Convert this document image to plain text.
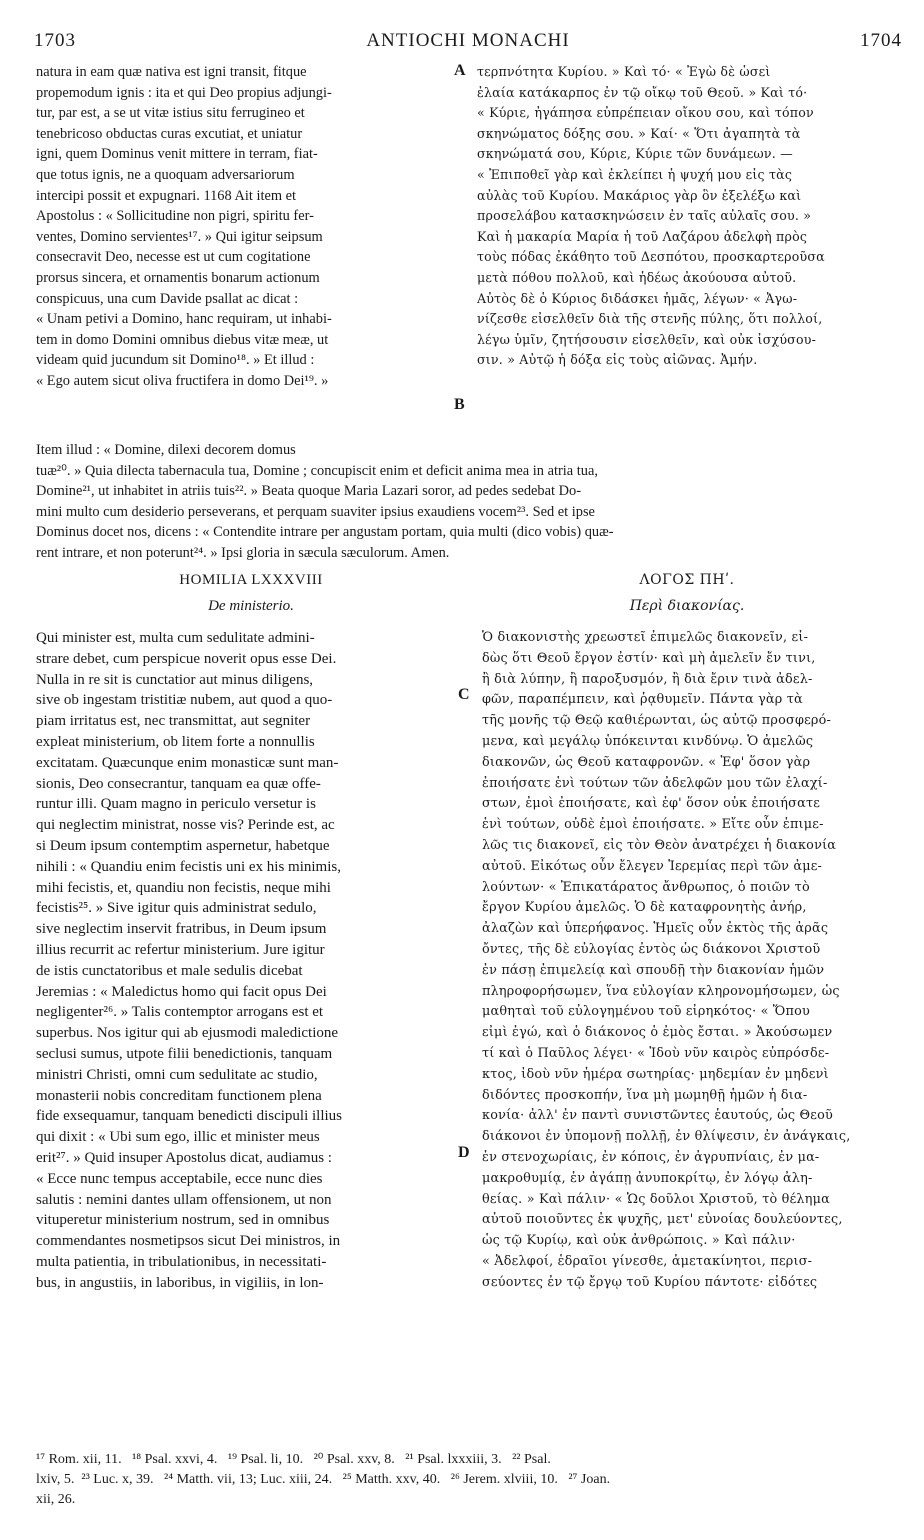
1703	ANTIOCHI MONACHI	1704
natura in eam quæ nativa est igni transit, fitque
propemodum ignis : ita et qui Deo propius adjungi-
tur, par est, a se ut vitæ istius situ ferrugineo et
tenebricoso obductas curas excutiat, et uniatur
igni, quem Dominus venit mittere in terram, fiat-
que totus ignis, ne a quoquam adversariorum
intercipi possit et expugnari. 1168 Ait item et
Apostolus : « Sollicitudine non pigri, spiritu fer-
ventes, Domino servientes¹⁷. » Qui igitur seipsum
consecravit Deo, necesse est ut cum cogitatione
prorsus sincera, et ornamentis bonarum actionum
conspicuus, una cum Davide psallat ac dicat :
« Unam petivi a Domino, hanc requiram, ut inhabi-
tem in domo Domini omnibus diebus vitæ meæ, ut
videam quid jucundum sit Domino¹⁸. » Et illud :
« Ego autem sicut oliva fructifera in domo Dei¹⁹. »
τερπνότητα Κυρίου. » Καὶ τό· « Ἐγὼ δὲ ὡσεὶ
ἐλαία κατάκαρπος ἐν τῷ οἴκῳ τοῦ Θεοῦ. » Καὶ τό·
« Κύριε, ἠγάπησα εὐπρέπειαν οἴκου σου, καὶ τόπον
σκηνώματος δόξης σου. » Καί· « Ὅτι ἀγαπητὰ τὰ
σκηνώματά σου, Κύριε, Κύριε τῶν δυνάμεων. —
« Ἐπιποθεῖ γὰρ καὶ ἐκλείπει ἡ ψυχή μου εἰς τὰς
αὐλὰς τοῦ Κυρίου. Μακάριος γὰρ ὃν ἐξελέξω καὶ
προσελάβου κατασκηνώσειν ἐν ταῖς αὐλαῖς σου. »
Καὶ ἡ μακαρία Μαρία ἡ τοῦ Λαζάρου ἀδελφὴ πρὸς
τοὺς πόδας ἐκάθητο τοῦ Δεσπότου, προσκαρτεροῦσα
μετὰ πόθου πολλοῦ, καὶ ἡδέως ἀκούουσα αὐτοῦ.
Αὐτὸς δὲ ὁ Κύριος διδάσκει ἡμᾶς, λέγων· « Ἀγω-
νίζεσθε εἰσελθεῖν διὰ τῆς στενῆς πύλης, ὅτι πολλοί,
λέγω ὑμῖν, ζητήσουσιν εἰσελθεῖν, καὶ οὐκ ἰσχύσου-
σιν. » Αὐτῷ ἡ δόξα εἰς τοὺς αἰῶνας. Ἀμήν.
A
B
Item illud : « Domine, dilexi decorem domus
tuæ²⁰. » Quia dilecta tabernacula tua, Domine ; concupiscit enim et deficit anima mea in atria tua,
Domine²¹, ut inhabitet in atriis tuis²². » Beata quoque Maria Lazari soror, ad pedes sedebat Do-
mini multo cum desiderio perseverans, et perquam suaviter ipsius exaudiens vocem²³. Sed et ipse
Dominus docet nos, dicens : « Contendite intrare per angustam portam, quia multi (dico vobis) quæ-
rent intrare, et non poterunt²⁴. » Ipsi gloria in sæcula sæculorum. Amen.
HOMILIA LXXXVIII
De ministerio.
ΛΟΓΟΣ ΠΗʹ.
Περὶ διακονίας.
Qui minister est, multa cum sedulitate admini-
strare debet, cum perspicue noverit opus esse Dei.
Nulla in re sit is cunctatior aut minus diligens,
sive ob ingestam tristitiæ nubem, aut quod a quo-
piam irritatus est, nec transmittat, aut segniter
expleat ministerium, ob litem forte a nonnullis
excitatam. Quæcunque enim monasticæ sunt man-
sionis, Deo consecrantur, tanquam ea quæ offe-
runtur illi. Quam magno in periculo versetur is
qui neglectim ministrat, nosse vis? Perinde est, ac
si Deum ipsum contemptim aspernetur, habetque
nihili : « Quandiu enim fecistis uni ex his minimis,
mihi fecistis, et, quandiu non fecistis, neque mihi
fecistis²⁵. » Sive igitur quis administrat sedulo,
sive neglectim inservit fratribus, in Deum ipsum
illius recurrit ac refertur ministerium. Jure igitur
de istis cunctatoribus et male sedulis dicebat
Jeremias : « Maledictus homo qui facit opus Dei
negligenter²⁶. » Talis contemptor arrogans est et
superbus. Nos igitur qui ab ejusmodi maledictione
seclusi sumus, utpote filii benedictionis, tanquam
ministri Christi, omni cum sedulitate ac studio,
monasterii nobis concreditam functionem plena
fide exsequamur, tanquam benedicti discipuli illius
qui dixit : « Ubi sum ego, illic et minister meus
erit²⁷. » Quid insuper Apostolus dicat, audiamus :
« Ecce nunc tempus acceptabile, ecce nunc dies
salutis : nemini dantes ullam offensionem, ut non
vituperetur ministerium nostrum, sed in omnibus
commendantes nosmetipsos sicut Dei ministros, in
multa patientia, in tribulationibus, in necessitati-
bus, in angustiis, in laboribus, in vigiliis, in lon-
Ὁ διακονιστὴς χρεωστεῖ ἐπιμελῶς διακονεῖν, εἰ-
δὼς ὅτι Θεοῦ ἔργον ἐστίν· καὶ μὴ ἀμελεῖν ἔν τινι,
ἢ διὰ λύπην, ἢ παροξυσμόν, ἢ διὰ ἔριν τινὰ ἀδελ-
φῶν, παραπέμπειν, καὶ ῥᾳθυμεῖν. Πάντα γὰρ τὰ
τῆς μονῆς τῷ Θεῷ καθιέρωνται, ὡς αὐτῷ προσφερό-
μενα, καὶ μεγάλῳ ὑπόκεινται κινδύνῳ. Ὁ ἀμελῶς
διακονῶν, ὡς Θεοῦ καταφρονῶν. « Ἐφ' ὅσον γὰρ
ἐποιήσατε ἑνὶ τούτων τῶν ἀδελφῶν μου τῶν ἐλαχί-
στων, ἐμοὶ ἐποιήσατε, καὶ ἐφ' ὅσον οὐκ ἐποιήσατε
ἑνὶ τούτων, οὐδὲ ἐμοὶ ἐποιήσατε. » Εἴτε οὖν ἐπιμε-
λῶς τις διακονεῖ, εἰς τὸν Θεὸν ἀνατρέχει ἡ διακονία
αὐτοῦ. Εἰκότως οὖν ἔλεγεν Ἱερεμίας περὶ τῶν ἀμε-
λούντων· « Ἐπικατάρατος ἄνθρωπος, ὁ ποιῶν τὸ
ἔργον Κυρίου ἀμελῶς. Ὁ δὲ καταφρονητὴς ἀνήρ,
ἀλαζὼν καὶ ὑπερήφανος. Ἡμεῖς οὖν ἐκτὸς τῆς ἀρᾶς
ὄντες, τῆς δὲ εὐλογίας ἐντὸς ὡς διάκονοι Χριστοῦ
ἐν πάσῃ ἐπιμελείᾳ καὶ σπουδῇ τὴν διακονίαν ἡμῶν
πληροφορήσωμεν, ἵνα εὐλογίαν κληρονομήσωμεν, ὡς
μαθηταὶ τοῦ εὐλογημένου τοῦ εἰρηκότος· « Ὅπου
εἰμὶ ἐγώ, καὶ ὁ διάκονος ὁ ἐμὸς ἔσται. » Ἀκούσωμεν
τί καὶ ὁ Παῦλος λέγει· « Ἰδοὺ νῦν καιρὸς εὐπρόσδε-
κτος, ἰδοὺ νῦν ἡμέρα σωτηρίας· μηδεμίαν ἐν μηδενὶ
διδόντες προσκοπήν, ἵνα μὴ μωμηθῇ ἡμῶν ἡ δια-
κονία· ἀλλ' ἐν παντὶ συνιστῶντες ἑαυτούς, ὡς Θεοῦ
διάκονοι ἐν ὑπομονῇ πολλῇ, ἐν θλίψεσιν, ἐν ἀνάγκαις,
ἐν στενοχωρίαις, ἐν κόποις, ἐν ἀγρυπνίαις, ἐν μα-
μακροθυμίᾳ, ἐν ἀγάπῃ ἀνυποκρίτῳ, ἐν λόγῳ ἀλη-
θείας. » Καὶ πάλιν· « Ὡς δοῦλοι Χριστοῦ, τὸ θέλημα
αὐτοῦ ποιοῦντες ἐκ ψυχῆς, μετ' εὐνοίας δουλεύοντες,
ὡς τῷ Κυρίῳ, καὶ οὐκ ἀνθρώποις. » Καὶ πάλιν·
« Ἀδελφοί, ἑδραῖοι γίνεσθε, ἀμετακίνητοι, περισ-
σεύοντες ἐν τῷ ἔργῳ τοῦ Κυρίου πάντοτε· εἰδότες
C
D
¹⁷ Rom. xii, 11.   ¹⁸ Psal. xxvi, 4.   ¹⁹ Psal. li, 10.   ²⁰ Psal. xxv, 8.   ²¹ Psal. lxxxiii, 3.   ²² Psal.
lxiv, 5.  ²³ Luc. x, 39.   ²⁴ Matth. vii, 13; Luc. xiii, 24.   ²⁵ Matth. xxv, 40.   ²⁶ Jerem. xlviii, 10.   ²⁷ Joan.
xii, 26.
